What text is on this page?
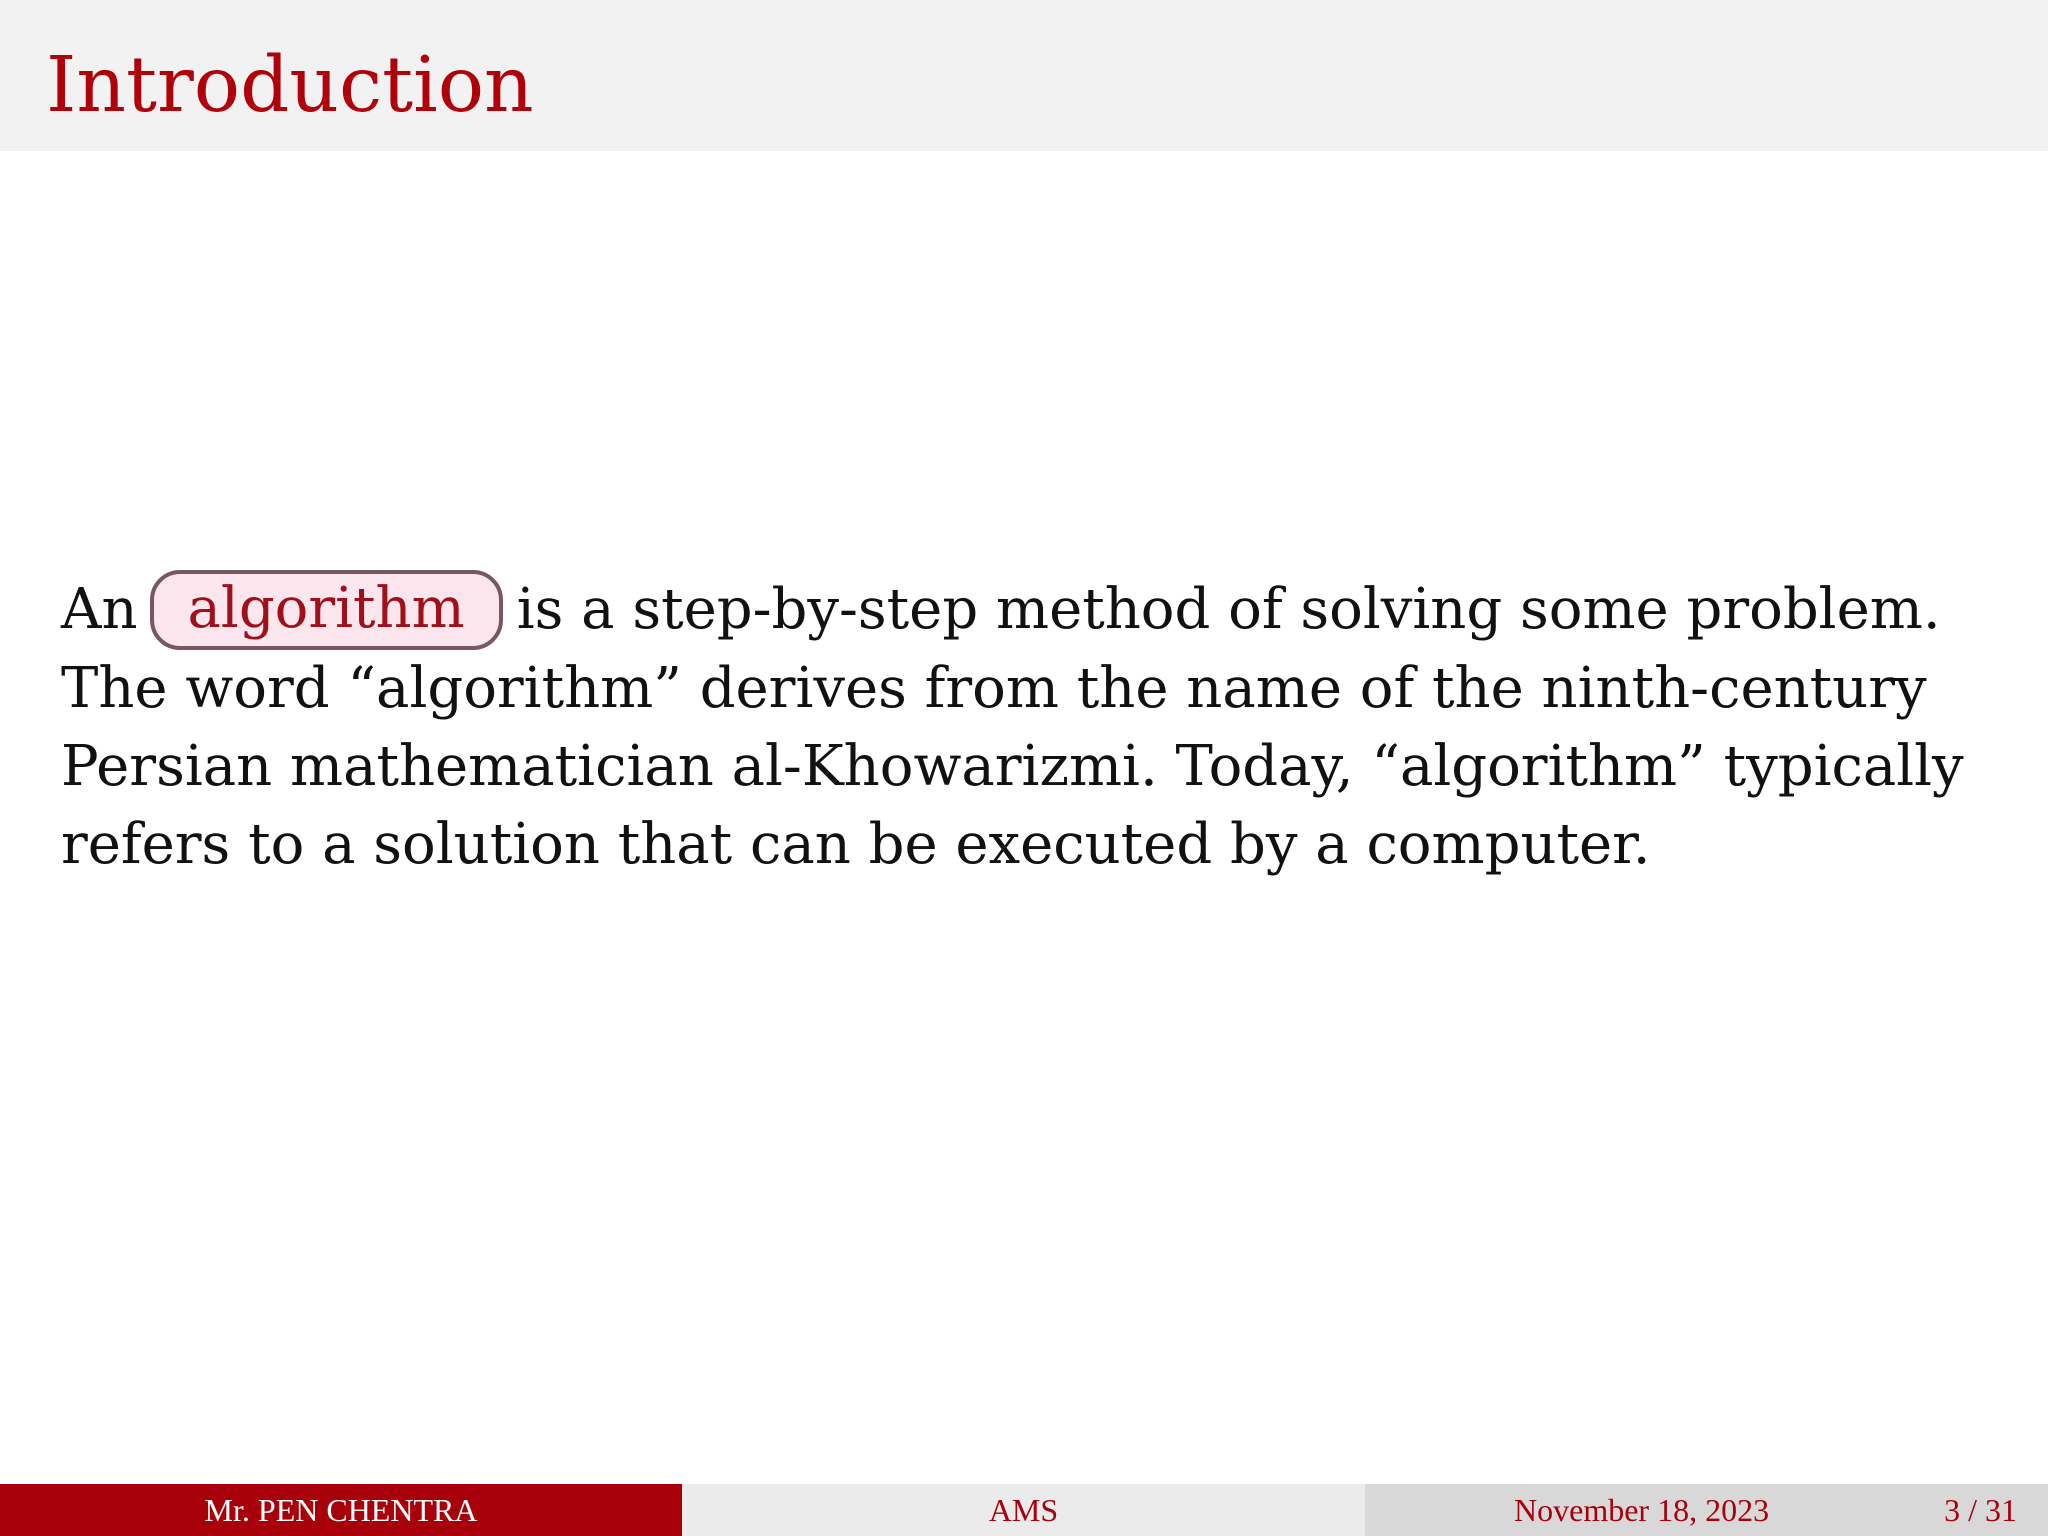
Introduction
An algorithm is a step-by-step method of solving some problem.
The word “algorithm” derives from the name of the ninth-century
Persian mathematician al-Khowarizmi. Today, “algorithm” typically
refers to a solution that can be executed by a computer.
Mr. PEN CHENTRA	AMS	November 18, 2023	3 / 31
